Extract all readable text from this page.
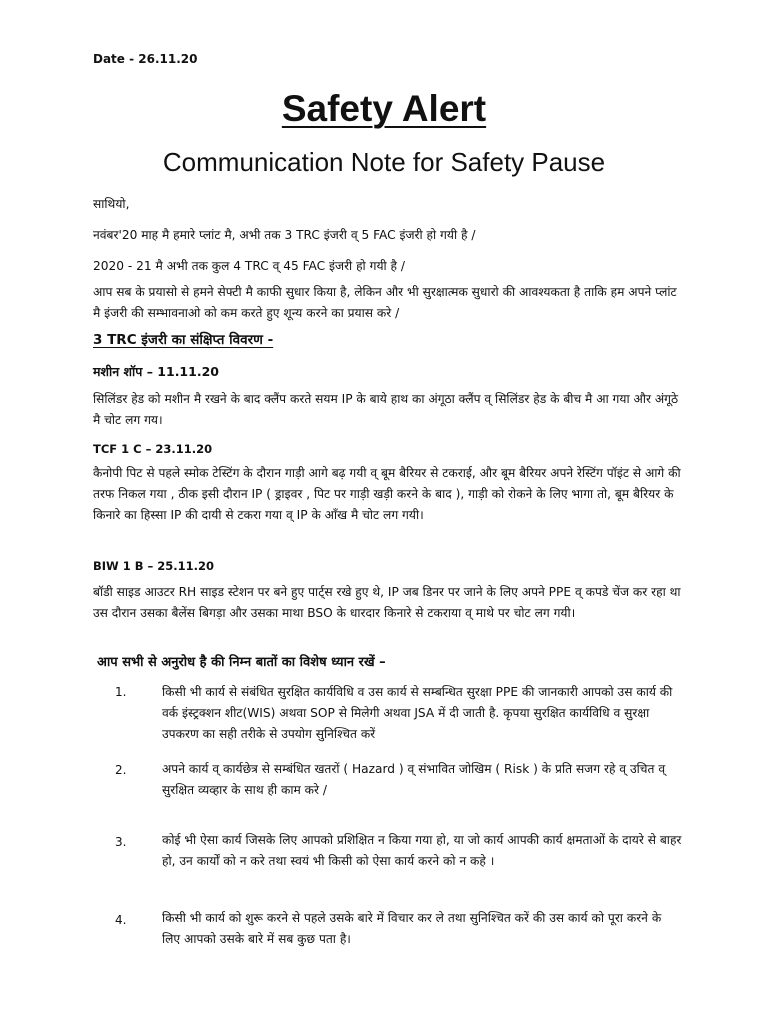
Date - 26.11.20
Safety Alert
Communication Note for Safety Pause
साथियो,
नवंबर'20 माह मै हमारे प्लांट मै, अभी तक 3 TRC इंजरी व् 5 FAC इंजरी हो गयी है /
2020 - 21 मै अभी तक कुल 4 TRC व् 45 FAC इंजरी हो गयी है /
आप सब के प्रयासो से हमने सेफ्टी मै काफी सुधार किया है, लेकिन और भी सुरक्षात्मक सुधारो की आवश्यकता है ताकि हम अपने प्लांट मै इंजरी की सम्भावनाओ को कम करते हुए शून्य करने का प्रयास करे /
3 TRC इंजरी का संक्षिप्त विवरण -
मशीन शॉप – 11.11.20
सिलिंडर हेड को मशीन मै रखने के बाद क्लैंप करते सयम IP के बाये हाथ का अंगूठा क्लैंप व् सिलिंडर हेड के बीच मै आ गया और अंगूठे मै चोट लग गय।
TCF 1 C – 23.11.20
कैनोपी पिट से पहले स्मोक टेस्टिंग के दौरान गाड़ी आगे बढ़ गयी व् बूम बैरियर से टकराई, और बूम बैरियर अपने रेस्टिंग पॉइंट से आगे की तरफ निकल गया , ठीक इसी दौरान IP ( ड्राइवर , पिट पर गाड़ी खड़ी करने के बाद ), गाड़ी को रोकने के लिए भागा तो, बूम बैरियर के किनारे का हिस्सा IP की दायी से टकरा गया व् IP के आँख मै चोट लग गयी।
BIW 1 B – 25.11.20
बॉडी साइड आउटर RH साइड स्टेशन पर बने हुए पार्ट्स रखे हुए थे, IP जब डिनर पर जाने के लिए अपने PPE व् कपडे चेंज कर रहा था उस दौरान उसका बैलेंस बिगड़ा और उसका माथा BSO के धारदार किनारे से टकराया व् माथे पर चोट लग गयी।
आप सभी से अनुरोध है की निम्न बातों का विशेष ध्यान रखें –
1.	किसी भी कार्य से संबंधित सुरक्षित कार्यविधि व उस कार्य से सम्बन्धित सुरक्षा PPE की जानकारी आपको उस कार्य की वर्क इंस्ट्रक्शन शीट(WIS) अथवा SOP से मिलेगी अथवा JSA में दी जाती है. कृपया सुरक्षित कार्यविधि व सुरक्षा उपकरण का सही तरीके से उपयोग सुनिश्चित करें
2.	अपने कार्य व् कार्यछेत्र से सम्बंधित खतरों ( Hazard ) व् संभावित जोखिम ( Risk ) के प्रति सजग रहे व् उचित व् सुरक्षित व्यव्हार के साथ ही काम करे /
3.	कोई भी ऐसा कार्य जिसके लिए आपको प्रशिक्षित न किया गया हो, या जो कार्य आपकी कार्य क्षमताओं के दायरे से बाहर हो, उन कार्यों को न करे तथा स्वयं भी किसी को ऐसा कार्य करने को न कहे ।
4.	किसी भी कार्य को शुरू करने से पहले उसके बारे में विचार कर ले तथा सुनिश्चित करें की उस कार्य को पूरा करने के लिए आपको उसके बारे में सब कुछ पता है।
